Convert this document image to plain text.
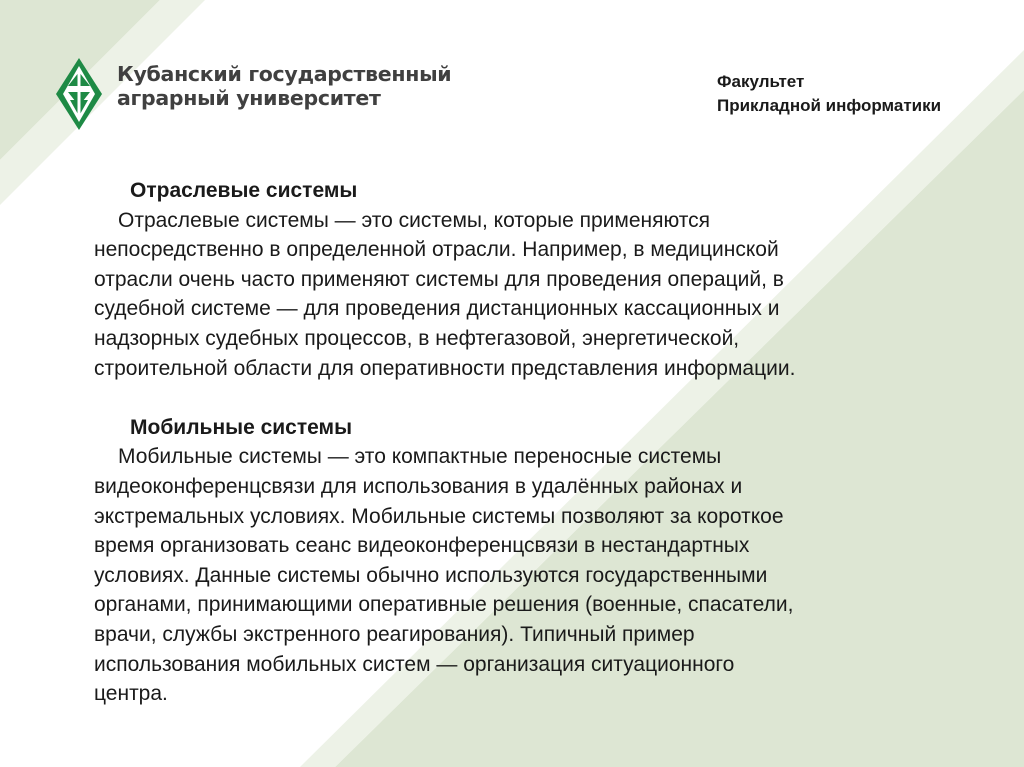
Кубанский государственный
аграрный университет
Факультет
Прикладной информатики
Отраслевые системы
Отраслевые системы — это системы, которые применяются
непосредственно в определенной отрасли. Например, в медицинской
отрасли очень часто применяют системы для проведения операций, в
судебной системе — для проведения дистанционных кассационных и
надзорных судебных процессов, в нефтегазовой, энергетической,
строительной области для оперативности представления информации.
Мобильные системы
Мобильные системы — это компактные переносные системы
видеоконференцсвязи для использования в удалённых районах и
экстремальных условиях. Мобильные системы позволяют за короткое
время организовать сеанс видеоконференцсвязи в нестандартных
условиях. Данные системы обычно используются государственными
органами, принимающими оперативные решения (военные, спасатели,
врачи, службы экстренного реагирования). Типичный пример
использования мобильных систем — организация ситуационного
центра.
